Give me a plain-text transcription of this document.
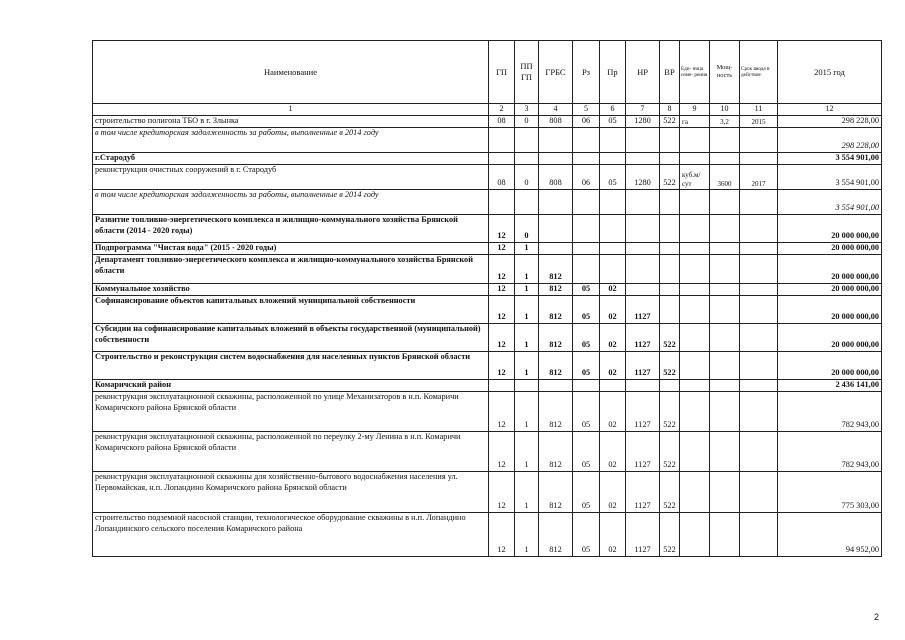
Наименование	ГП	ПП ГП	ГРБС	Рз	Пр	НР	ВР	Еди- ница изме- рения	Мощ- ность	Срок ввода в действие	2015 год
1	2	3	4	5	6	7	8	9	10	11	12
строительство полигона ТБО в г. Злынка	08	0	808	06	05	1280	522	га	3,2	2015	298 228,00
в том числе кредиторская задолженность за работы, выполненные в 2014 году											298 228,00
г.Стародуб											3 554 901,00
реконструкция очистных сооружений в г. Стародуб	08	0	808	06	05	1280	522	куб.м/ сут	3600	2017	3 554 901,00
в том числе кредиторская задолженность за работы, выполненные в 2014 году											3 554 901,00
Развитие топливно-энергетического комплекса и жилищно-коммунального хозяйства Брянской области (2014 - 2020 годы)	12	0									20 000 000,00
Подпрограмма "Чистая вода" (2015 - 2020 годы)	12	1									20 000 000,00
Департамент топливно-энергетического комплекса и жилищно-коммунального хозяйства Брянской области	12	1	812								20 000 000,00
Коммунальное хозяйство	12	1	812	05	02						20 000 000,00
Софинансирование объектов капитальных вложений муниципальной собственности	12	1	812	05	02	1127					20 000 000,00
Субсидии на софинансирование капитальных вложений в объекты государственной (муниципальной) собственности	12	1	812	05	02	1127	522				20 000 000,00
Строительство и реконструкция систем водоснабжения для населенных пунктов Брянской области	12	1	812	05	02	1127	522				20 000 000,00
Комаричский район											2 436 141,00
реконструкция эксплуатационной скважины, расположенной по улице Механизаторов в н.п. Комаричи Комаричского района Брянской области	12	1	812	05	02	1127	522				782 943,00
реконструкция эксплуатационной скважины, расположенной по переулку 2-му Ленина в н.п. Комаричи Комаричского района Брянской области	12	1	812	05	02	1127	522				782 943,00
реконструкция эксплуатационной скважины для хозяйственно-бытового водоснабжения населения ул. Первомайская, н.п. Лопандино Комаричского района Брянской области	12	1	812	05	02	1127	522				775 303,00
строительство подземной насосной станции, технологическое оборудование скважины в н.п. Лопандино Лопандинского сельского поселения Комаричского района	12	1	812	05	02	1127	522				94 952,00
2
